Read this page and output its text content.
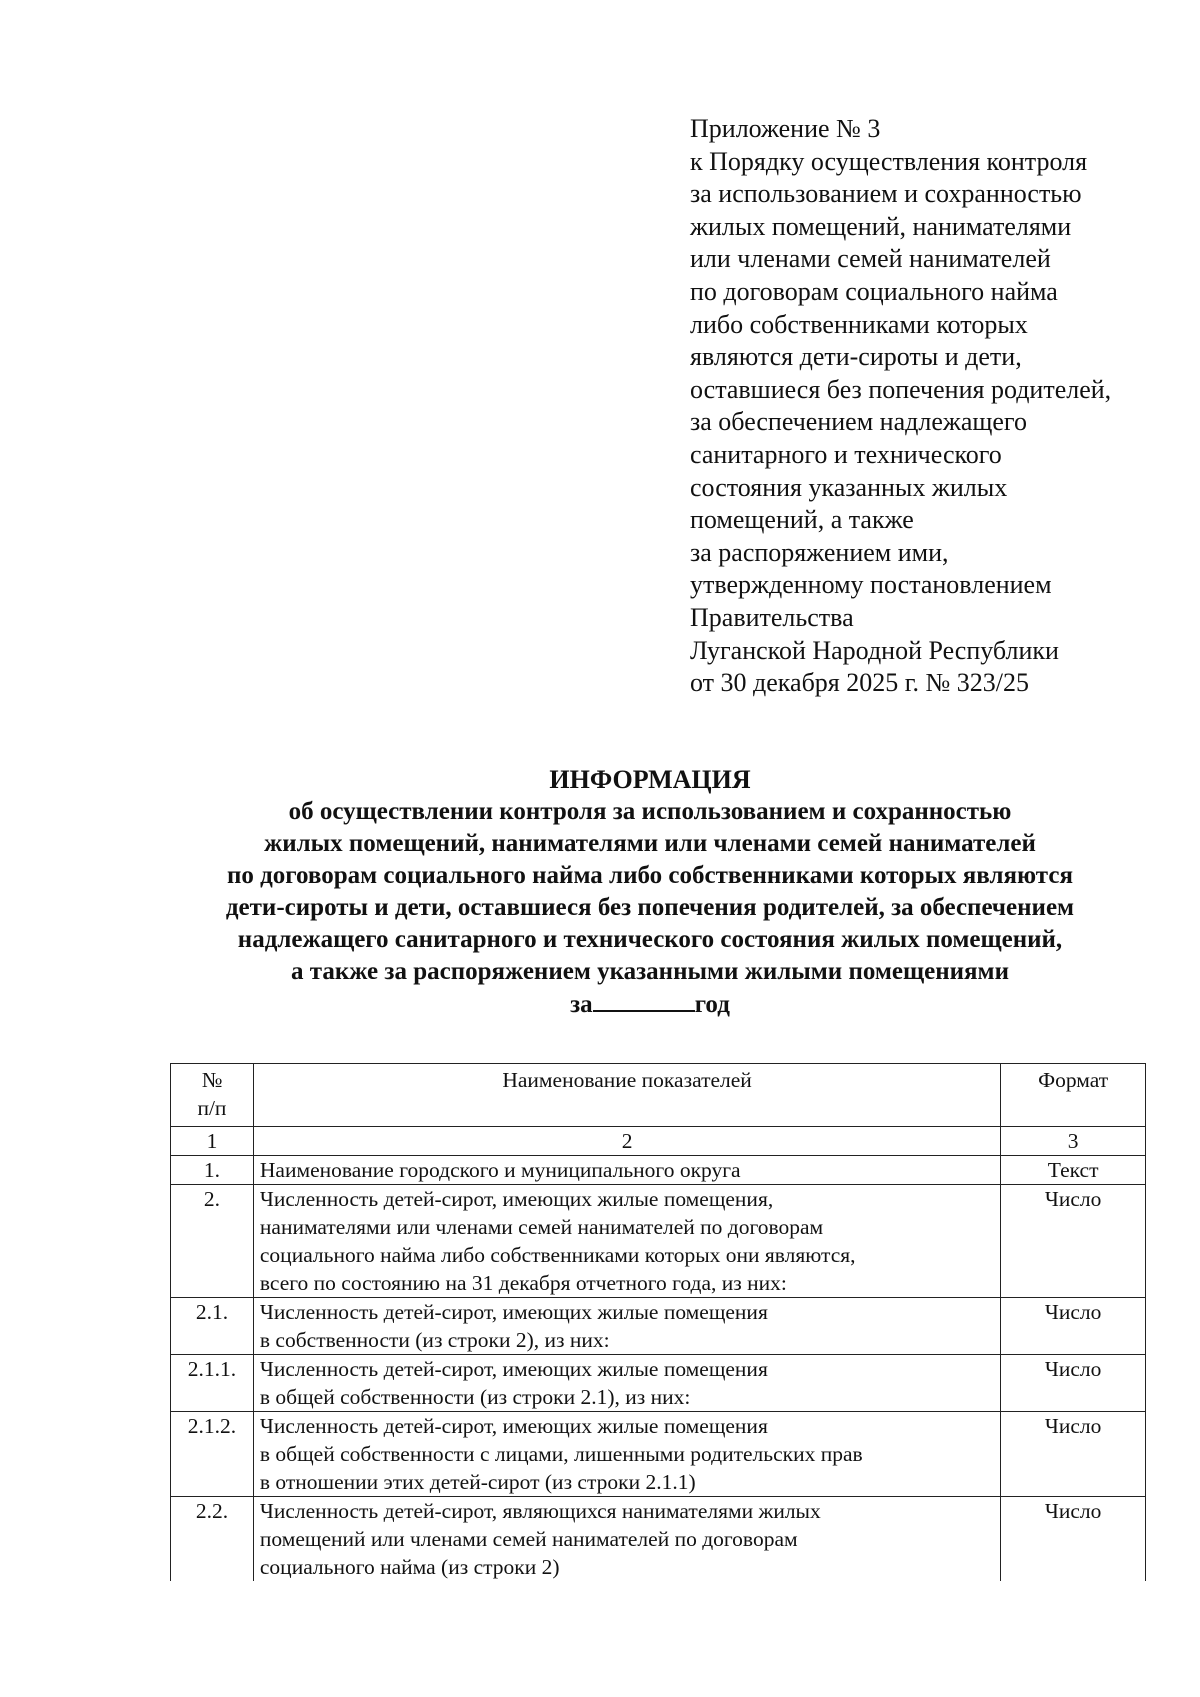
Приложение № 3
к Порядку осуществления контроля
за использованием и сохранностью
жилых помещений, нанимателями
или членами семей нанимателей
по договорам социального найма
либо собственниками которых
являются дети-сироты и дети,
оставшиеся без попечения родителей,
за обеспечением надлежащего
санитарного и технического
состояния указанных жилых
помещений, а также
за распоряжением ими,
утвержденному постановлением
Правительства
Луганской Народной Республики
от 30 декабря 2025 г. № 323/25
ИНФОРМАЦИЯ
об осуществлении контроля за использованием и сохранностью
жилых помещений, нанимателями или членами семей нанимателей
по договорам социального найма либо собственниками которых являются
дети-сироты и дети, оставшиеся без попечения родителей, за обеспечением
надлежащего санитарного и технического состояния жилых помещений,
а также за распоряжением указанными жилыми помещениями
за	год
№
п/п	Наименование показателей	Формат
1	2	3
1.	Наименование городского и муниципального округа	Текст
2.	Численность детей-сирот, имеющих жилые помещения,
нанимателями или членами семей нанимателей по договорам
социального найма либо собственниками которых они являются,
всего по состоянию на 31 декабря отчетного года, из них:	Число
2.1.	Численность детей-сирот, имеющих жилые помещения
в собственности (из строки 2), из них:	Число
2.1.1.	Численность детей-сирот, имеющих жилые помещения
в общей собственности (из строки 2.1), из них:	Число
2.1.2.	Численность детей-сирот, имеющих жилые помещения
в общей собственности с лицами, лишенными родительских прав
в отношении этих детей-сирот (из строки 2.1.1)	Число
2.2.	Численность детей-сирот, являющихся нанимателями жилых
помещений или членами семей нанимателей по договорам
социального найма (из строки 2)	Число
